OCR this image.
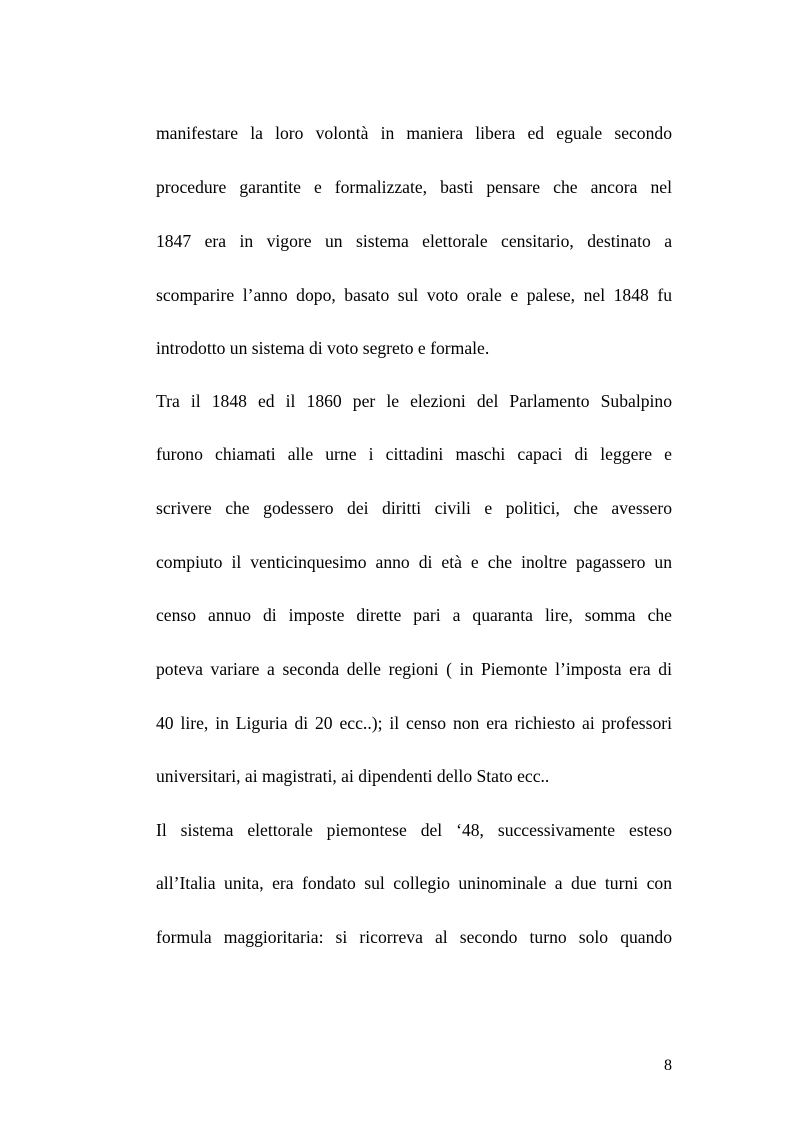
manifestare la loro volontà in maniera libera ed eguale secondo
procedure garantite e formalizzate, basti pensare che ancora nel
1847 era in vigore un sistema elettorale censitario, destinato a
scomparire l’anno dopo, basato sul voto orale e palese, nel 1848 fu
introdotto un sistema di voto segreto e formale.
Tra il 1848 ed il 1860 per le elezioni del Parlamento Subalpino
furono chiamati alle urne i cittadini maschi capaci di leggere e
scrivere che godessero dei diritti civili e politici, che avessero
compiuto il venticinquesimo anno di età e che inoltre pagassero un
censo annuo di imposte dirette pari a quaranta lire, somma che
poteva variare a seconda delle regioni ( in Piemonte l’imposta era di
40 lire, in Liguria di 20 ecc..); il censo non era richiesto ai professori
universitari, ai magistrati, ai dipendenti dello Stato ecc..
Il sistema elettorale piemontese del ‘48, successivamente esteso
all’Italia unita, era fondato sul collegio uninominale a due turni con
formula maggioritaria: si ricorreva al secondo turno solo quando
8
